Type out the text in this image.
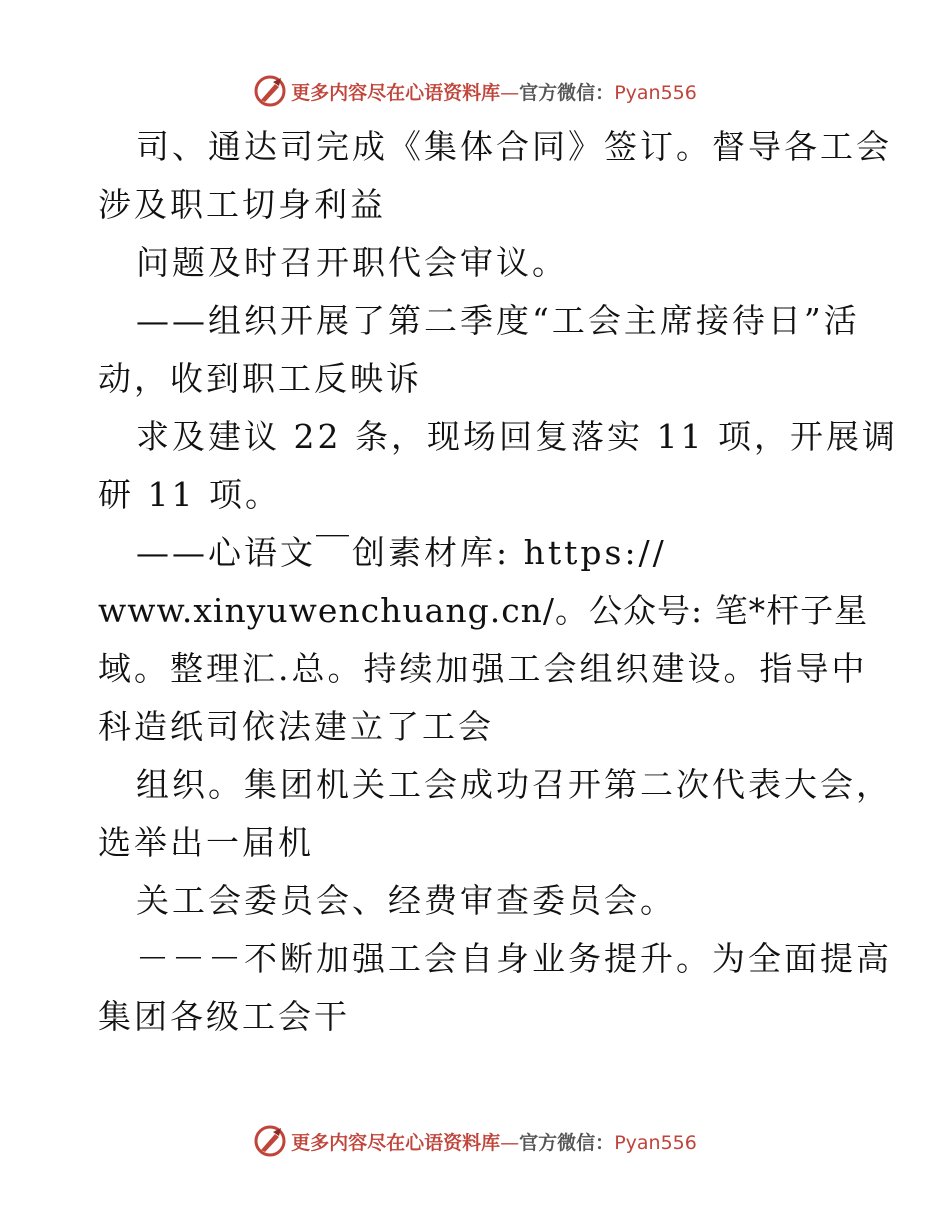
更多内容尽在心语资料库—官方微信：Pyan556
司、通达司完成《集体合同》签订。督导各工会
涉及职工切身利益
问题及时召开职代会审议。
——组织开展了第二季度“工会主席接待日”活
动，收到职工反映诉
求及建议 22 条，现场回复落实 11 项，开展调
研 11 项。
——心语文￣创素材库: https://
www.xinyuwenchuang.cn/。公众号: 笔*杆子星
域。整理汇.总。持续加强工会组织建设。指导中
科造纸司依法建立了工会
组织。集团机关工会成功召开第二次代表大会，
选举出一届机
关工会委员会、经费审查委员会。
－－－不断加强工会自身业务提升。为全面提高
集团各级工会干
更多内容尽在心语资料库—官方微信：Pyan556
